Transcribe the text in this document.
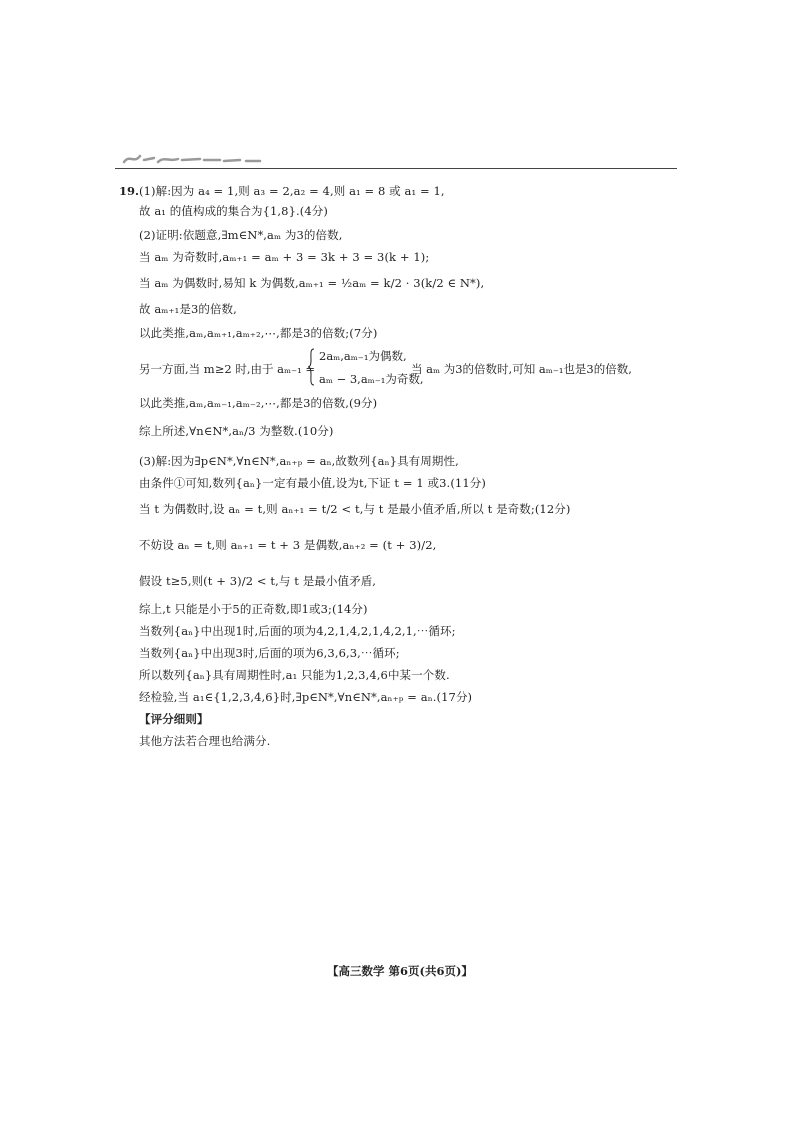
19. (1)解:因为 a₄ = 1,则 a₃ = 2,a₂ = 4,则 a₁ = 8 或 a₁ = 1,
故 a₁ 的值构成的集合为{1,8}.(4分)
(2)证明:依题意,∃m∈N*,aₘ 为3的倍数,
当 aₘ 为奇数时,aₘ₊₁ = aₘ + 3 = 3k + 3 = 3(k + 1);
当 aₘ 为偶数时,易知 k 为偶数,aₘ₊₁ = ½aₘ = k/2 · 3(k/2 ∈ N*),
故 aₘ₊₁是3的倍数,
以此类推,aₘ,aₘ₊₁,aₘ₊₂,⋯,都是3的倍数;(7分)
另一方面,当 m≥2 时,由于 aₘ₋₁ =
2aₘ,aₘ₋₁为偶数,
aₘ − 3,aₘ₋₁为奇数,
当 aₘ 为3的倍数时,可知 aₘ₋₁也是3的倍数,
以此类推,aₘ,aₘ₋₁,aₘ₋₂,⋯,都是3的倍数,(9分)
综上所述,∀n∈N*,aₙ/3 为整数.(10分)
(3)解:因为∃p∈N*,∀n∈N*,aₙ₊ₚ = aₙ,故数列{aₙ}具有周期性,
由条件①可知,数列{aₙ}一定有最小值,设为t,下证 t = 1 或3.(11分)
当 t 为偶数时,设 aₙ = t,则 aₙ₊₁ = t/2 < t,与 t 是最小值矛盾,所以 t 是奇数;(12分)
不妨设 aₙ = t,则 aₙ₊₁ = t + 3 是偶数,aₙ₊₂ = (t + 3)/2,
假设 t≥5,则(t + 3)/2 < t,与 t 是最小值矛盾,
综上,t 只能是小于5的正奇数,即1或3;(14分)
当数列{aₙ}中出现1时,后面的项为4,2,1,4,2,1,4,2,1,⋯循环;
当数列{aₙ}中出现3时,后面的项为6,3,6,3,⋯循环;
所以数列{aₙ}具有周期性时,a₁ 只能为1,2,3,4,6中某一个数.
经检验,当 a₁∈{1,2,3,4,6}时,∃p∈N*,∀n∈N*,aₙ₊ₚ = aₙ.(17分)
【评分细则】
其他方法若合理也给满分.
【高三数学 第6页(共6页)】
